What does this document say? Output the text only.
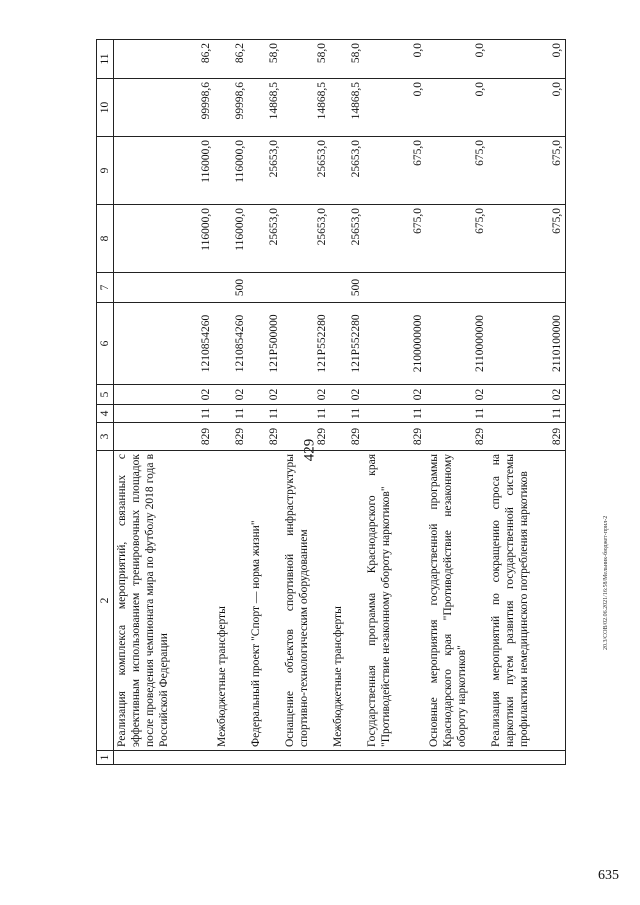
429
1	2	3	4	5	6	7	8	9	10	11
	Реализация комплекса мероприятий, связанных с эффективным использованием тренировочных площадок после проведения чемпионата мира по футболу 2018 года в Российской Федерации	829	11	02	1210854260		116000,0	116000,0	99998,6	86,2
	Межбюджетные трансферты	829	11	02	1210854260	500	116000,0	116000,0	99998,6	86,2
	Федеральный проект "Спорт — норма жизни"	829	11	02	121P500000		25653,0	25653,0	14868,5	58,0
	Оснащение объектов спортивной инфраструктуры спортивно-технологическим оборудованием	829	11	02	121P552280		25653,0	25653,0	14868,5	58,0
	Межбюджетные трансферты	829	11	02	121P552280	500	25653,0	25653,0	14868,5	58,0
	Государственная программа Краснодарского края "Противодействие незаконному обороту наркотиков"	829	11	02	2100000000		675,0	675,0	0,0	0,0
	Основные мероприятия государственной программы Краснодарского края "Противодействие незаконному обороту наркотиков"	829	11	02	2110000000		675,0	675,0	0,0	0,0
	Реализация мероприятий по сокращению спроса на наркотики путем развития государственной системы профилактики немедицинского потребления наркотиков	829	11	02	2110100000		675,0	675,0	0,0	0,0
20.3/СОВ/02.06.2021/16:58/Мельник-бюджет-прил-2
635
